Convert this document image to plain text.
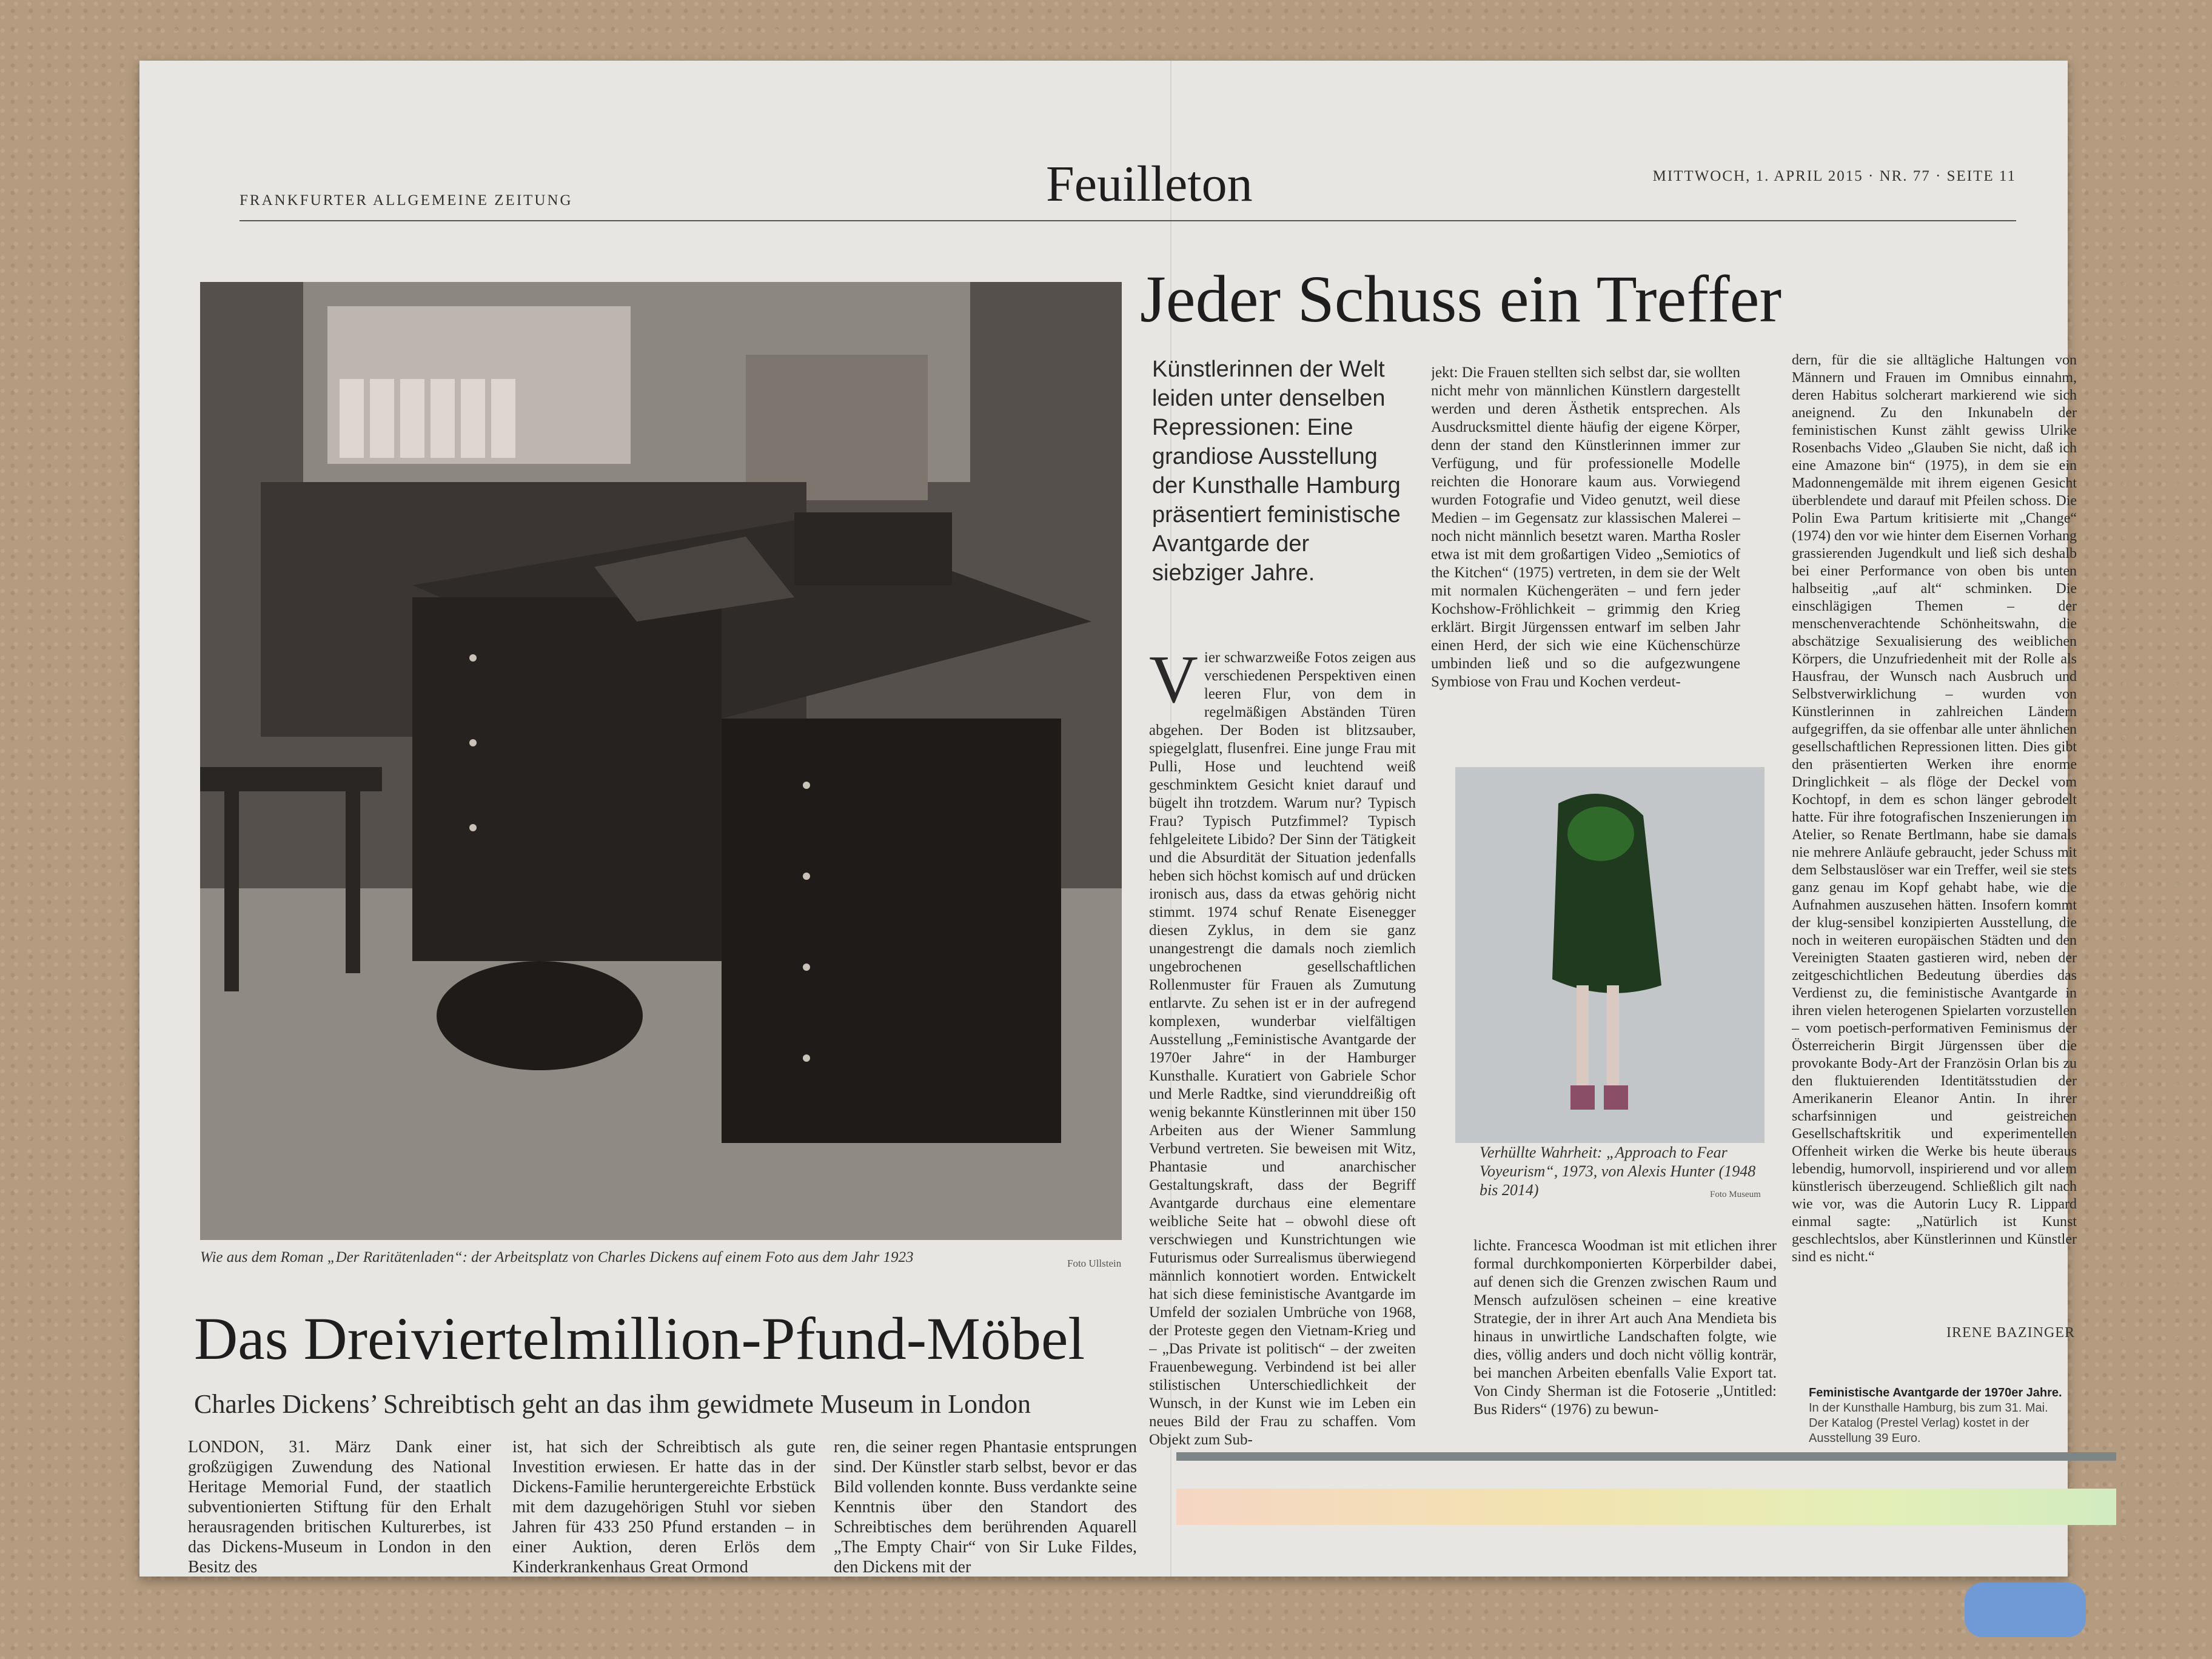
FRANKFURTER ALLGEMEINE ZEITUNG	Feuilleton	MITTWOCH, 1. APRIL 2015 · NR. 77 · SEITE 11
Wie aus dem Roman „Der Raritätenladen“: der Arbeitsplatz von Charles Dickens auf einem Foto aus dem Jahr 1923	Foto Ullstein
Das Dreiviertelmillion-Pfund-Möbel
Charles Dickens’ Schreibtisch geht an das ihm gewidmete Museum in London
LONDON, 31. März Dank einer großzügigen Zuwendung des National Heritage Memorial Fund, der staatlich subventionierten Stiftung für den Erhalt herausragenden britischen Kulturerbes, ist das Dickens-Museum in London in den Besitz des
ist, hat sich der Schreibtisch als gute Investition erwiesen. Er hatte das in der Dickens-Familie heruntergereichte Erbstück mit dem dazugehörigen Stuhl vor sieben Jahren für 433 250 Pfund erstanden – in einer Auktion, deren Erlös dem Kinderkrankenhaus Great Ormond
ren, die seiner regen Phantasie entsprungen sind. Der Künstler starb selbst, bevor er das Bild vollenden konnte. Buss verdankte seine Kenntnis über den Standort des Schreibtisches dem berührenden Aquarell „The Empty Chair“ von Sir Luke Fildes, den Dickens mit der
Jeder Schuss ein Treffer
Künstlerinnen der Welt leiden unter denselben Repressionen: Eine grandiose Ausstellung der Kunsthalle Hamburg präsentiert feministische Avantgarde der siebziger Jahre.
Vier schwarzweiße Fotos zeigen aus verschiedenen Perspektiven einen leeren Flur, von dem in regelmäßigen Abständen Türen abgehen. Der Boden ist blitzsauber, spiegelglatt, flusenfrei. Eine junge Frau mit Pulli, Hose und leuchtend weiß geschminktem Gesicht kniet darauf und bügelt ihn trotzdem. Warum nur? Typisch Frau? Typisch Putzfimmel? Typisch fehlgeleitete Libido? Der Sinn der Tätigkeit und die Absurdität der Situation jedenfalls heben sich höchst komisch auf und drücken ironisch aus, dass da etwas gehörig nicht stimmt. 1974 schuf Renate Eisenegger diesen Zyklus, in dem sie ganz unangestrengt die damals noch ziemlich ungebrochenen gesellschaftlichen Rollenmuster für Frauen als Zumutung entlarvte. Zu sehen ist er in der aufregend komplexen, wunderbar vielfältigen Ausstellung „Feministische Avantgarde der 1970er Jahre“ in der Hamburger Kunsthalle. Kuratiert von Gabriele Schor und Merle Radtke, sind vierunddreißig oft wenig bekannte Künstlerinnen mit über 150 Arbeiten aus der Wiener Sammlung Verbund vertreten. Sie beweisen mit Witz, Phantasie und anarchischer Gestaltungskraft, dass der Begriff Avantgarde durchaus eine elementare weibliche Seite hat – obwohl diese oft verschwiegen und Kunstrichtungen wie Futurismus oder Surrealismus überwiegend männlich konnotiert worden. Entwickelt hat sich diese feministische Avantgarde im Umfeld der sozialen Umbrüche von 1968, der Proteste gegen den Vietnam-Krieg und – „Das Private ist politisch“ – der zweiten Frauenbewegung. Verbindend ist bei aller stilistischen Unterschiedlichkeit der Wunsch, in der Kunst wie im Leben ein neues Bild der Frau zu schaffen. Vom Objekt zum Sub-
jekt: Die Frauen stellten sich selbst dar, sie wollten nicht mehr von männlichen Künstlern dargestellt werden und deren Ästhetik entsprechen. Als Ausdrucksmittel diente häufig der eigene Körper, denn der stand den Künstlerinnen immer zur Verfügung, und für professionelle Modelle reichten die Honorare kaum aus. Vorwiegend wurden Fotografie und Video genutzt, weil diese Medien – im Gegensatz zur klassischen Malerei – noch nicht männlich besetzt waren. Martha Rosler etwa ist mit dem großartigen Video „Semiotics of the Kitchen“ (1975) vertreten, in dem sie der Welt mit normalen Küchengeräten – und fern jeder Kochshow-Fröhlichkeit – grimmig den Krieg erklärt. Birgit Jürgenssen entwarf im selben Jahr einen Herd, der sich wie eine Küchenschürze umbinden ließ und so die aufgezwungene Symbiose von Frau und Kochen verdeut-
Verhüllte Wahrheit: „Approach to Fear Voyeurism“, 1973, von Alexis Hunter (1948 bis 2014)	Foto Museum
lichte. Francesca Woodman ist mit etlichen ihrer formal durchkomponierten Körperbilder dabei, auf denen sich die Grenzen zwischen Raum und Mensch aufzulösen scheinen – eine kreative Strategie, der in ihrer Art auch Ana Mendieta bis hinaus in unwirtliche Landschaften folgte, wie dies, völlig anders und doch nicht völlig konträr, bei manchen Arbeiten ebenfalls Valie Export tat. Von Cindy Sherman ist die Fotoserie „Untitled: Bus Riders“ (1976) zu bewun-
dern, für die sie alltägliche Haltungen von Männern und Frauen im Omnibus einnahm, deren Habitus solcherart markierend wie sich aneignend. Zu den Inkunabeln der feministischen Kunst zählt gewiss Ulrike Rosenbachs Video „Glauben Sie nicht, daß ich eine Amazone bin“ (1975), in dem sie ein Madonnengemälde mit ihrem eigenen Gesicht überblendete und darauf mit Pfeilen schoss. Die Polin Ewa Partum kritisierte mit „Change“ (1974) den vor wie hinter dem Eisernen Vorhang grassierenden Jugendkult und ließ sich deshalb bei einer Performance von oben bis unten halbseitig „auf alt“ schminken. Die einschlägigen Themen – der menschenverachtende Schönheitswahn, die abschätzige Sexualisierung des weiblichen Körpers, die Unzufriedenheit mit der Rolle als Hausfrau, der Wunsch nach Ausbruch und Selbstverwirklichung – wurden von Künstlerinnen in zahlreichen Ländern aufgegriffen, da sie offenbar alle unter ähnlichen gesellschaftlichen Repressionen litten. Dies gibt den präsentierten Werken ihre enorme Dringlichkeit – als flöge der Deckel vom Kochtopf, in dem es schon länger gebrodelt hatte. Für ihre fotografischen Inszenierungen im Atelier, so Renate Bertlmann, habe sie damals nie mehrere Anläufe gebraucht, jeder Schuss mit dem Selbstauslöser war ein Treffer, weil sie stets ganz genau im Kopf gehabt habe, wie die Aufnahmen auszusehen hätten. Insofern kommt der klug-sensibel konzipierten Ausstellung, die noch in weiteren europäischen Städten und den Vereinigten Staaten gastieren wird, neben der zeitgeschichtlichen Bedeutung überdies das Verdienst zu, die feministische Avantgarde in ihren vielen heterogenen Spielarten vorzustellen – vom poetisch-performativen Feminismus der Österreicherin Birgit Jürgenssen über die provokante Body-Art der Französin Orlan bis zu den fluktuierenden Identitätsstudien der Amerikanerin Eleanor Antin. In ihrer scharfsinnigen und geistreichen Gesellschaftskritik und experimentellen Offenheit wirken die Werke bis heute überaus lebendig, humorvoll, inspirierend und vor allem künstlerisch überzeugend. Schließlich gilt nach wie vor, was die Autorin Lucy R. Lippard einmal sagte: „Natürlich ist Kunst geschlechtslos, aber Künstlerinnen und Künstler sind es nicht.“
IRENE BAZINGER
Feministische Avantgarde der 1970er Jahre.
In der Kunsthalle Hamburg, bis zum 31. Mai. Der Katalog (Prestel Verlag) kostet in der Ausstellung 39 Euro.
